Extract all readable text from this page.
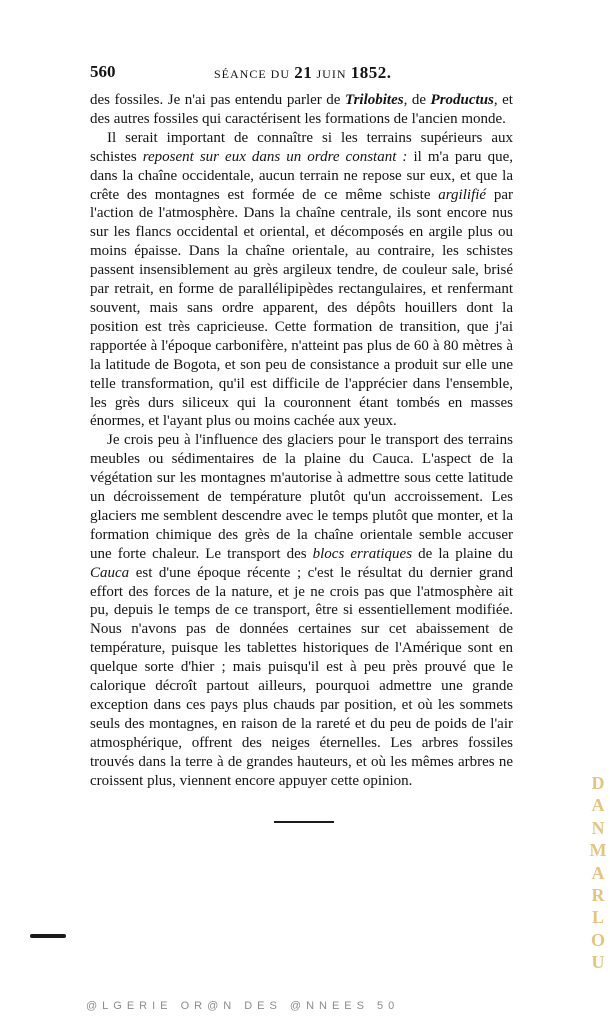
560	SÉANCE DU 21 JUIN 1852.

des fossiles. Je n'ai pas entendu parler de Trilobites, de Productus, et des autres fossiles qui caractérisent les formations de l'ancien monde.

Il serait important de connaître si les terrains supérieurs aux schistes reposent sur eux dans un ordre constant : il m'a paru que, dans la chaîne occidentale, aucun terrain ne repose sur eux, et que la crête des montagnes est formée de ce même schiste argilifié par l'action de l'atmosphère. Dans la chaîne centrale, ils sont encore nus sur les flancs occidental et oriental, et décomposés en argile plus ou moins épaisse. Dans la chaîne orientale, au contraire, les schistes passent insensiblement au grès argileux tendre, de couleur sale, brisé par retrait, en forme de parallélipipèdes rectangulaires, et renfermant souvent, mais sans ordre apparent, des dépôts houillers dont la position est très capricieuse. Cette formation de transition, que j'ai rapportée à l'époque carbonifère, n'atteint pas plus de 60 à 80 mètres à la latitude de Bogota, et son peu de consistance a produit sur elle une telle transformation, qu'il est difficile de l'apprécier dans l'ensemble, les grès durs siliceux qui la couronnent étant tombés en masses énormes, et l'ayant plus ou moins cachée aux yeux.

Je crois peu à l'influence des glaciers pour le transport des terrains meubles ou sédimentaires de la plaine du Cauca. L'aspect de la végétation sur les montagnes m'autorise à admettre sous cette latitude un décroissement de température plutôt qu'un accroissement. Les glaciers me semblent descendre avec le temps plutôt que monter, et la formation chimique des grès de la chaîne orientale semble accuser une forte chaleur. Le transport des blocs erratiques de la plaine du Cauca est d'une époque récente ; c'est le résultat du dernier grand effort des forces de la nature, et je ne crois pas que l'atmosphère ait pu, depuis le temps de ce transport, être si essentiellement modifiée. Nous n'avons pas de données certaines sur cet abaissement de température, puisque les tablettes historiques de l'Amérique sont en quelque sorte d'hier ; mais puisqu'il est à peu près prouvé que le calorique décroît partout ailleurs, pourquoi admettre une grande exception dans ces pays plus chauds par position, et où les sommets seuls des montagnes, en raison de la rareté et du peu de poids de l'air atmosphérique, offrent des neiges éternelles. Les arbres fossiles trouvés dans la terre à de grandes hauteurs, et où les mêmes arbres ne croissent plus, viennent encore appuyer cette opinion.	D
A
N
M
A
R
L
O
U
@LGERIE OR@N DES @NNEES 50
